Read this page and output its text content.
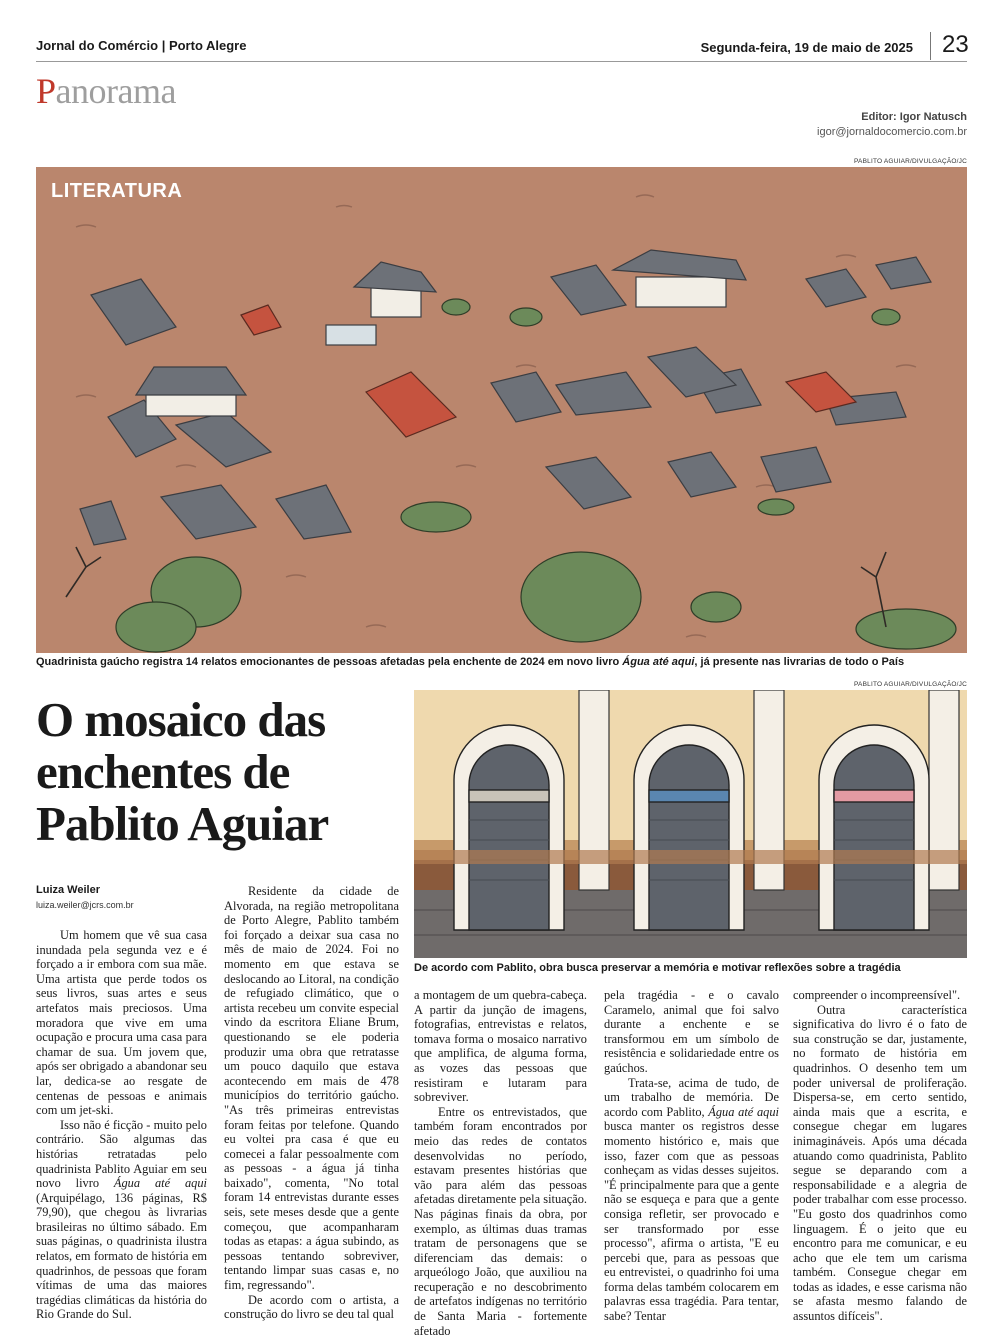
Jornal do Comércio | Porto Alegre	Segunda-feira, 19 de maio de 2025 23
Panorama
Editor: Igor Natusch
igor@jornaldocomercio.com.br
PABLITO AGUIAR/DIVULGAÇÃO/JC
LITERATURA
Quadrinista gaúcho registra 14 relatos emocionantes de pessoas afetadas pela enchente de 2024 em novo livro Água até aqui, já presente nas livrarias de todo o País
O mosaico das enchentes de Pablito Aguiar
Luiza Weiler
luiza.weiler@jcrs.com.br
PABLITO AGUIAR/DIVULGAÇÃO/JC
De acordo com Pablito, obra busca preservar a memória e motivar reflexões sobre a tragédia

Um homem que vê sua casa inundada pela segunda vez e é forçado a ir embora com sua mãe. Uma artista que perde todos os seus livros, suas artes e seus artefatos mais preciosos. Uma moradora que vive em uma ocupação e procura uma casa para chamar de sua. Um jovem que, após ser obrigado a abandonar seu lar, dedica-se ao resgate de centenas de pessoas e animais com um jet-ski.

Isso não é ficção - muito pelo contrário. São algumas das histórias retratadas pelo quadrinista Pablito Aguiar em seu novo livro Água até aqui (Arquipélago, 136 páginas, R$ 79,90), que chegou às livrarias brasileiras no último sábado. Em suas páginas, o quadrinista ilustra relatos, em formato de história em quadrinhos, de pessoas que foram vítimas de uma das maiores tragédias climáticas da história do Rio Grande do Sul.

Residente da cidade de Alvorada, na região metropolitana de Porto Alegre, Pablito também foi forçado a deixar sua casa no mês de maio de 2024. Foi no momento em que estava se deslocando ao Litoral, na condição de refugiado climático, que o artista recebeu um convite especial vindo da escritora Eliane Brum, questionando se ele poderia produzir uma obra que retratasse um pouco daquilo que estava acontecendo em mais de 478 municípios do território gaúcho. "As três primeiras entrevistas foram feitas por telefone. Quando eu voltei pra casa é que eu comecei a falar pessoalmente com as pessoas - a água já tinha baixado", comenta, "No total foram 14 entrevistas durante esses seis, sete meses desde que a gente começou, que acompanharam todas as etapas: a água subindo, as pessoas tentando sobreviver, tentando limpar suas casas e, no fim, regressando".

De acordo com o artista, a construção do livro se deu tal qual

a montagem de um quebra-cabeça. A partir da junção de imagens, fotografias, entrevistas e relatos, tomava forma o mosaico narrativo que amplifica, de alguma forma, as vozes das pessoas que resistiram e lutaram para sobreviver.

Entre os entrevistados, que também foram encontrados por meio das redes de contatos desenvolvidas no período, estavam presentes histórias que vão para além das pessoas afetadas diretamente pela situação. Nas páginas finais da obra, por exemplo, as últimas duas tramas tratam de personagens que se diferenciam das demais: o arqueólogo João, que auxiliou na recuperação e no descobrimento de artefatos indígenas no território de Santa Maria - fortemente afetado

pela tragédia - e o cavalo Caramelo, animal que foi salvo durante a enchente e se transformou em um símbolo de resistência e solidariedade entre os gaúchos.

Trata-se, acima de tudo, de um trabalho de memória. De acordo com Pablito, Água até aqui busca manter os registros desse momento histórico e, mais que isso, fazer com que as pessoas conheçam as vidas desses sujeitos. "É principalmente para que a gente não se esqueça e para que a gente consiga refletir, ser provocado e ser transformado por esse processo", afirma o artista, "E eu percebi que, para as pessoas que eu entrevistei, o quadrinho foi uma forma delas também colocarem em palavras essa tragédia. Para tentar, sabe? Tentar

compreender o incompreensível".

Outra característica significativa do livro é o fato de sua construção se dar, justamente, no formato de história em quadrinhos. O desenho tem um poder universal de proliferação. Dispersa-se, em certo sentido, ainda mais que a escrita, e consegue chegar em lugares inimagináveis. Após uma década atuando como quadrinista, Pablito segue se deparando com a responsabilidade e a alegria de poder trabalhar com esse processo. "Eu gosto dos quadrinhos como linguagem. É o jeito que eu encontro para me comunicar, e eu acho que ele tem um carisma também. Consegue chegar em todas as idades, e esse carisma não se afasta mesmo falando de assuntos difíceis".
